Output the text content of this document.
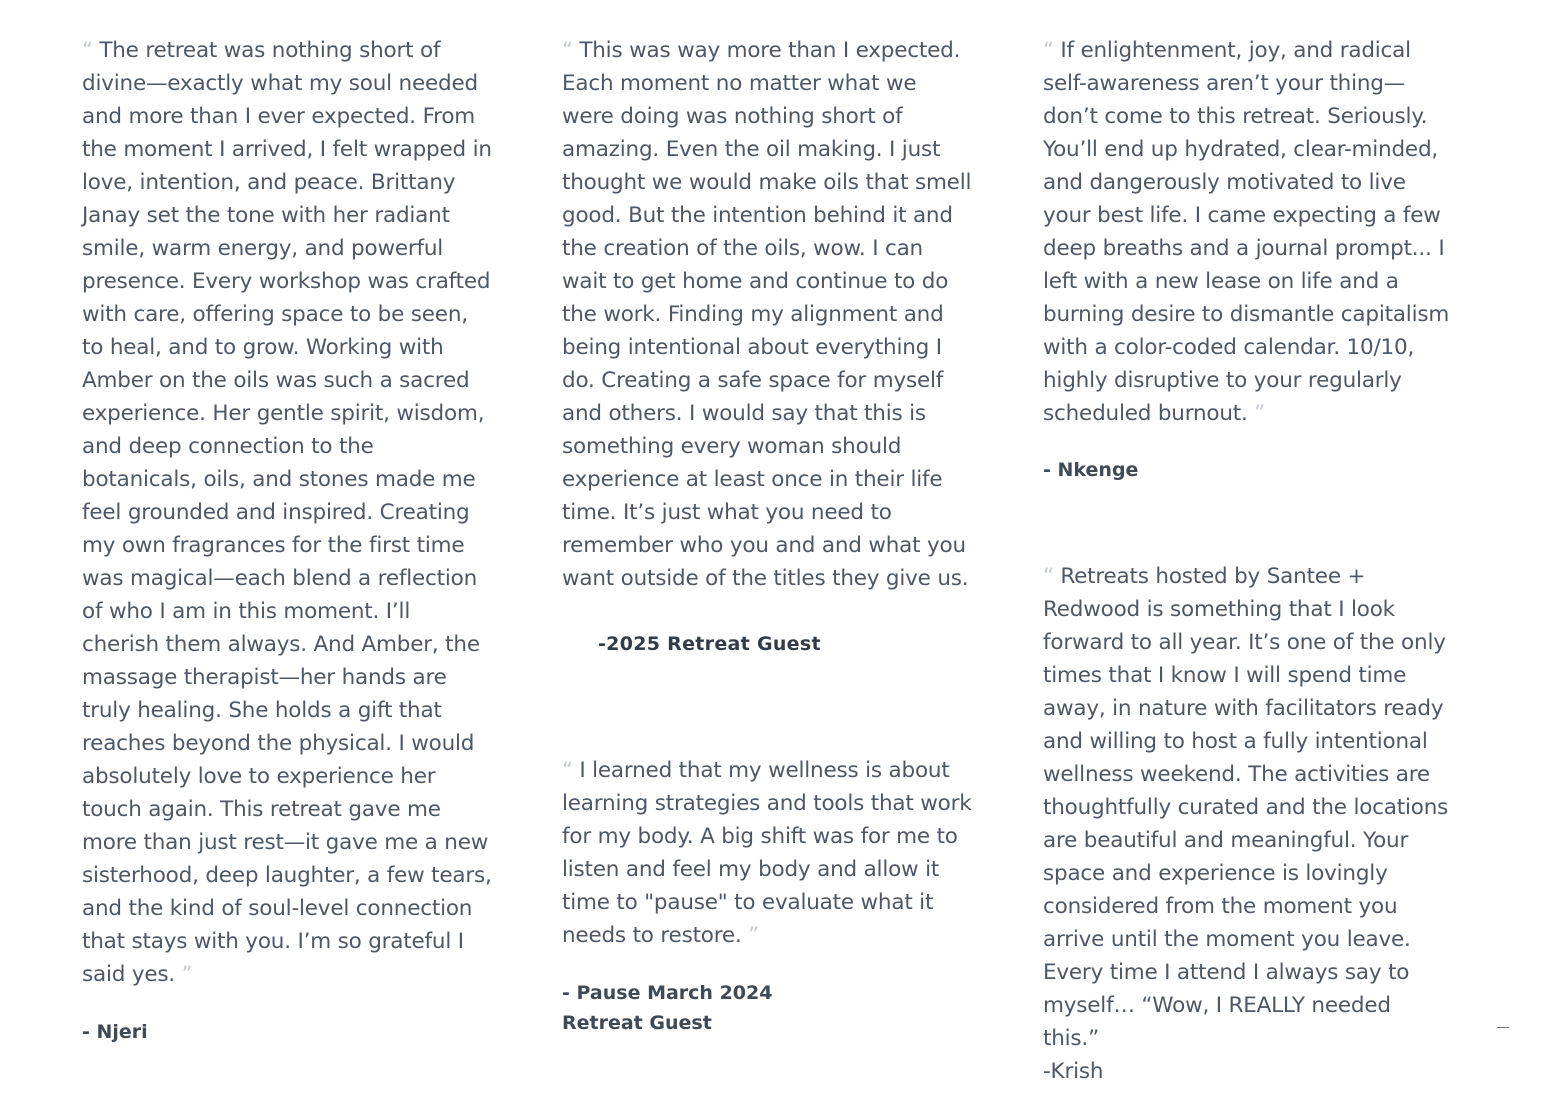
“ The retreat was nothing short of divine—exactly what my soul needed and more than I ever expected. From the moment I arrived, I felt wrapped in love, intention, and peace. Brittany Janay set the tone with her radiant smile, warm energy, and powerful presence. Every workshop was crafted with care, offering space to be seen, to heal, and to grow. Working with Amber on the oils was such a sacred experience. Her gentle spirit, wisdom, and deep connection to the botanicals, oils, and stones made me feel grounded and inspired. Creating my own fragrances for the first time was magical—each blend a reflection of who I am in this moment. I’ll cherish them always. And Amber, the massage therapist—her hands are truly healing. She holds a gift that reaches beyond the physical. I would absolutely love to experience her touch again. This retreat gave me more than just rest—it gave me a new sisterhood, deep laughter, a few tears, and the kind of soul-level connection that stays with you. I’m so grateful I said yes. ”

- Njeri

“ This was way more than I expected. Each moment no matter what we were doing was nothing short of amazing. Even the oil making. I just thought we would make oils that smell good. But the intention behind it and the creation of the oils, wow. I can wait to get home and continue to do the work. Finding my alignment and being intentional about everything I do. Creating a safe space for myself and others. I would say that this is something every woman should experience at least once in their life time. It’s just what you need to remember who you and and what you want outside of the titles they give us.

-2025 Retreat Guest

“ I learned that my wellness is about learning strategies and tools that work for my body. A big shift was for me to listen and feel my body and allow it time to "pause" to evaluate what it needs to restore. ”

- Pause March 2024 Retreat Guest

“ If enlightenment, joy, and radical self-awareness aren’t your thing—don’t come to this retreat. Seriously. You’ll end up hydrated, clear-minded, and dangerously motivated to live your best life. I came expecting a few deep breaths and a journal prompt... I left with a new lease on life and a burning desire to dismantle capitalism with a color-coded calendar. 10/10, highly disruptive to your regularly scheduled burnout. ”

- Nkenge

“ Retreats hosted by Santee + Redwood is something that I look forward to all year. It’s one of the only times that I know I will spend time away, in nature with facilitators ready and willing to host a fully intentional wellness weekend. The activities are thoughtfully curated and the locations are beautiful and meaningful. Your space and experience is lovingly considered from the moment you arrive until the moment you leave. Every time I attend I always say to myself… “Wow, I REALLY needed this.”

-Krish
